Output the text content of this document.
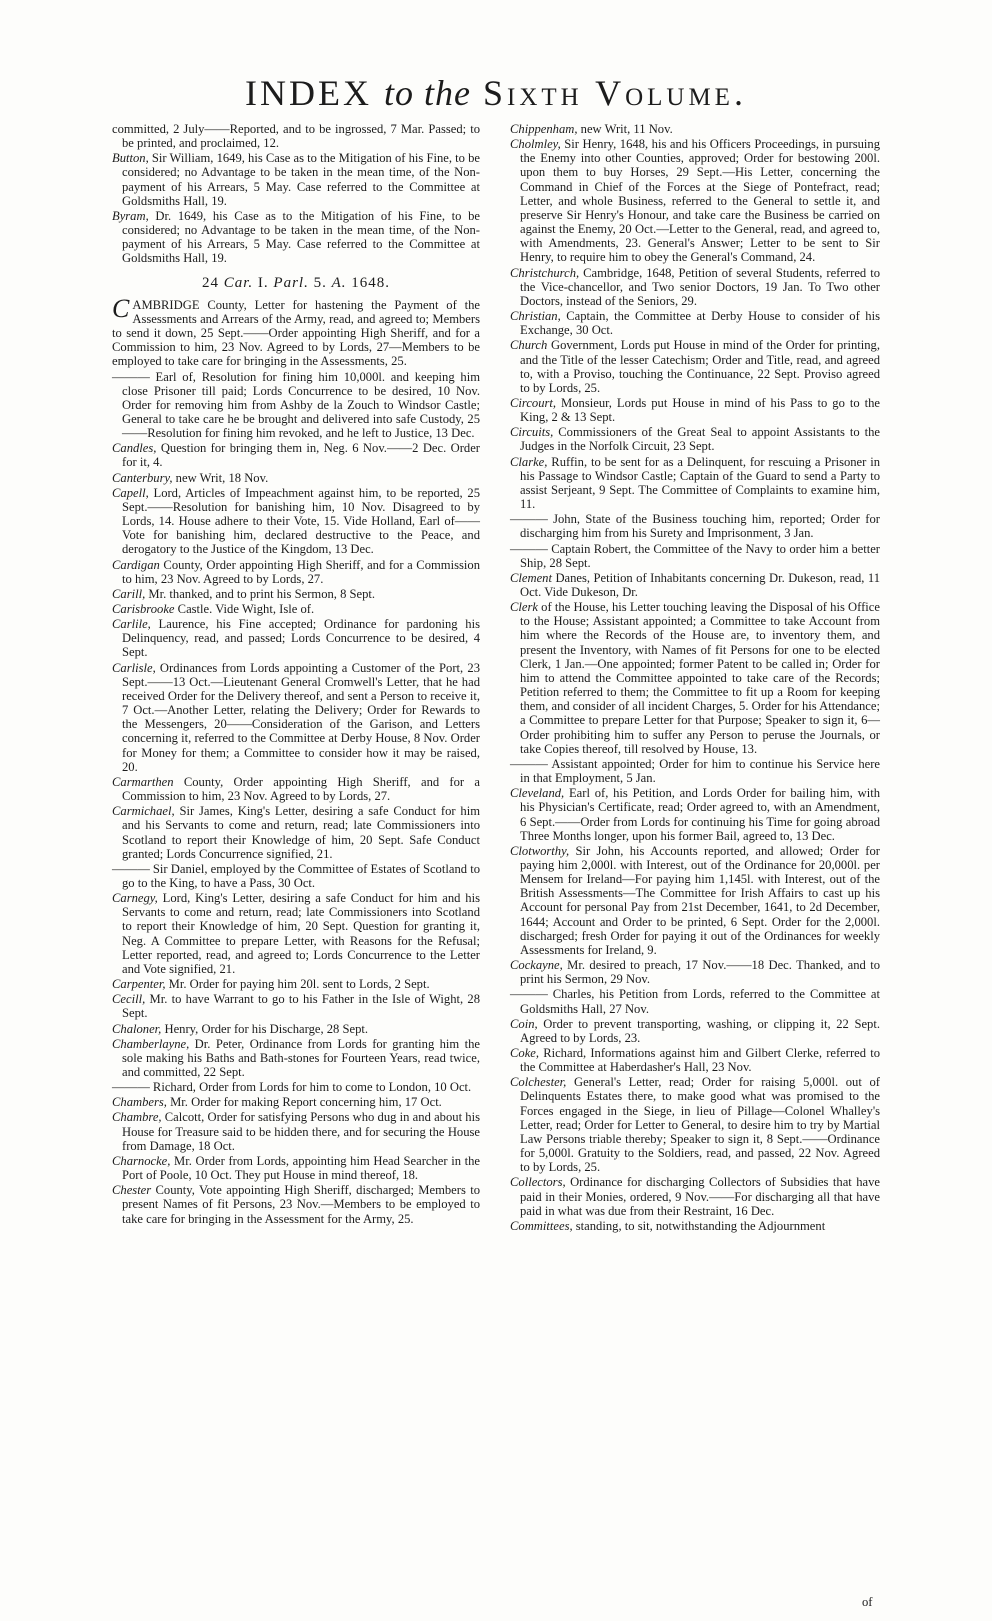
INDEX to the Sixth Volume.
committed, 2 July——Reported, and to be ingrossed, 7 Mar. Passed; to be printed, and proclaimed, 12.
Button, Sir William, 1649, his Case as to the Mitigation of his Fine, to be considered; no Advantage to be taken in the mean time, of the Non-payment of his Arrears, 5 May. Case referred to the Committee at Goldsmiths Hall, 19.
Byram, Dr. 1649, his Case as to the Mitigation of his Fine, to be considered; no Advantage to be taken in the mean time, of the Non-payment of his Arrears, 5 May. Case referred to the Committee at Goldsmiths Hall, 19.
24 Car. I. Parl. 5. A. 1648.
CAMBRIDGE County, Letter for hastening the Payment of the Assessments and Arrears of the Army, read, and agreed to; Members to send it down, 25 Sept.——Order appointing High Sheriff, and for a Commission to him, 23 Nov. Agreed to by Lords, 27—Members to be employed to take care for bringing in the Assessments, 25.
——— Earl of, Resolution for fining him 10,000l. and keeping him close Prisoner till paid; Lords Concurrence to be desired, 10 Nov. Order for removing him from Ashby de la Zouch to Windsor Castle; General to take care he be brought and delivered into safe Custody, 25——Resolution for fining him revoked, and he left to Justice, 13 Dec.
Candles, Question for bringing them in, Neg. 6 Nov.——2 Dec. Order for it, 4.
Canterbury, new Writ, 18 Nov.
Capell, Lord, Articles of Impeachment against him, to be reported, 25 Sept.——Resolution for banishing him, 10 Nov. Disagreed to by Lords, 14. House adhere to their Vote, 15. Vide Holland, Earl of——Vote for banishing him, declared destructive to the Peace, and derogatory to the Justice of the Kingdom, 13 Dec.
Cardigan County, Order appointing High Sheriff, and for a Commission to him, 23 Nov. Agreed to by Lords, 27.
Carill, Mr. thanked, and to print his Sermon, 8 Sept.
Carisbrooke Castle. Vide Wight, Isle of.
Carlile, Laurence, his Fine accepted; Ordinance for pardoning his Delinquency, read, and passed; Lords Concurrence to be desired, 4 Sept.
Carlisle, Ordinances from Lords appointing a Customer of the Port, 23 Sept.——13 Oct.—Lieutenant General Cromwell's Letter, that he had received Order for the Delivery thereof, and sent a Person to receive it, 7 Oct.—Another Letter, relating the Delivery; Order for Rewards to the Messengers, 20——Consideration of the Garison, and Letters concerning it, referred to the Committee at Derby House, 8 Nov. Order for Money for them; a Committee to consider how it may be raised, 20.
Carmarthen County, Order appointing High Sheriff, and for a Commission to him, 23 Nov. Agreed to by Lords, 27.
Carmichael, Sir James, King's Letter, desiring a safe Conduct for him and his Servants to come and return, read; late Commissioners into Scotland to report their Knowledge of him, 20 Sept. Safe Conduct granted; Lords Concurrence signified, 21.
——— Sir Daniel, employed by the Committee of Estates of Scotland to go to the King, to have a Pass, 30 Oct.
Carnegy, Lord, King's Letter, desiring a safe Conduct for him and his Servants to come and return, read; late Commissioners into Scotland to report their Knowledge of him, 20 Sept. Question for granting it, Neg. A Committee to prepare Letter, with Reasons for the Refusal; Letter reported, read, and agreed to; Lords Concurrence to the Letter and Vote signified, 21.
Carpenter, Mr. Order for paying him 20l. sent to Lords, 2 Sept.
Cecill, Mr. to have Warrant to go to his Father in the Isle of Wight, 28 Sept.
Chaloner, Henry, Order for his Discharge, 28 Sept.
Chamberlayne, Dr. Peter, Ordinance from Lords for granting him the sole making his Baths and Bath-stones for Fourteen Years, read twice, and committed, 22 Sept.
——— Richard, Order from Lords for him to come to London, 10 Oct.
Chambers, Mr. Order for making Report concerning him, 17 Oct.
Chambre, Calcott, Order for satisfying Persons who dug in and about his House for Treasure said to be hidden there, and for securing the House from Damage, 18 Oct.
Charnocke, Mr. Order from Lords, appointing him Head Searcher in the Port of Poole, 10 Oct. They put House in mind thereof, 18.
Chester County, Vote appointing High Sheriff, discharged; Members to present Names of fit Persons, 23 Nov.—Members to be employed to take care for bringing in the Assessment for the Army, 25.
Chippenham, new Writ, 11 Nov.
Cholmley, Sir Henry, 1648, his and his Officers Proceedings, in pursuing the Enemy into other Counties, approved; Order for bestowing 200l. upon them to buy Horses, 29 Sept.—His Letter, concerning the Command in Chief of the Forces at the Siege of Pontefract, read; Letter, and whole Business, referred to the General to settle it, and preserve Sir Henry's Honour, and take care the Business be carried on against the Enemy, 20 Oct.—Letter to the General, read, and agreed to, with Amendments, 23. General's Answer; Letter to be sent to Sir Henry, to require him to obey the General's Command, 24.
Christchurch, Cambridge, 1648, Petition of several Students, referred to the Vice-chancellor, and Two senior Doctors, 19 Jan. To Two other Doctors, instead of the Seniors, 29.
Christian, Captain, the Committee at Derby House to consider of his Exchange, 30 Oct.
Church Government, Lords put House in mind of the Order for printing, and the Title of the lesser Catechism; Order and Title, read, and agreed to, with a Proviso, touching the Continuance, 22 Sept. Proviso agreed to by Lords, 25.
Circourt, Monsieur, Lords put House in mind of his Pass to go to the King, 2 & 13 Sept.
Circuits, Commissioners of the Great Seal to appoint Assistants to the Judges in the Norfolk Circuit, 23 Sept.
Clarke, Ruffin, to be sent for as a Delinquent, for rescuing a Prisoner in his Passage to Windsor Castle; Captain of the Guard to send a Party to assist Serjeant, 9 Sept. The Committee of Complaints to examine him, 11.
——— John, State of the Business touching him, reported; Order for discharging him from his Surety and Imprisonment, 3 Jan.
——— Captain Robert, the Committee of the Navy to order him a better Ship, 28 Sept.
Clement Danes, Petition of Inhabitants concerning Dr. Dukeson, read, 11 Oct. Vide Dukeson, Dr.
Clerk of the House, his Letter touching leaving the Disposal of his Office to the House; Assistant appointed; a Committee to take Account from him where the Records of the House are, to inventory them, and present the Inventory, with Names of fit Persons for one to be elected Clerk, 1 Jan.—One appointed; former Patent to be called in; Order for him to attend the Committee appointed to take care of the Records; Petition referred to them; the Committee to fit up a Room for keeping them, and consider of all incident Charges, 5. Order for his Attendance; a Committee to prepare Letter for that Purpose; Speaker to sign it, 6—Order prohibiting him to suffer any Person to peruse the Journals, or take Copies thereof, till resolved by House, 13.
——— Assistant appointed; Order for him to continue his Service here in that Employment, 5 Jan.
Cleveland, Earl of, his Petition, and Lords Order for bailing him, with his Physician's Certificate, read; Order agreed to, with an Amendment, 6 Sept.——Order from Lords for continuing his Time for going abroad Three Months longer, upon his former Bail, agreed to, 13 Dec.
Clotworthy, Sir John, his Accounts reported, and allowed; Order for paying him 2,000l. with Interest, out of the Ordinance for 20,000l. per Mensem for Ireland—For paying him 1,145l. with Interest, out of the British Assessments—The Committee for Irish Affairs to cast up his Account for personal Pay from 21st December, 1641, to 2d December, 1644; Account and Order to be printed, 6 Sept. Order for the 2,000l. discharged; fresh Order for paying it out of the Ordinances for weekly Assessments for Ireland, 9.
Cockayne, Mr. desired to preach, 17 Nov.——18 Dec. Thanked, and to print his Sermon, 29 Nov.
——— Charles, his Petition from Lords, referred to the Committee at Goldsmiths Hall, 27 Nov.
Coin, Order to prevent transporting, washing, or clipping it, 22 Sept. Agreed to by Lords, 23.
Coke, Richard, Informations against him and Gilbert Clerke, referred to the Committee at Haberdasher's Hall, 23 Nov.
Colchester, General's Letter, read; Order for raising 5,000l. out of Delinquents Estates there, to make good what was promised to the Forces engaged in the Siege, in lieu of Pillage—Colonel Whalley's Letter, read; Order for Letter to General, to desire him to try by Martial Law Persons triable thereby; Speaker to sign it, 8 Sept.——Ordinance for 5,000l. Gratuity to the Soldiers, read, and passed, 22 Nov. Agreed to by Lords, 25.
Collectors, Ordinance for discharging Collectors of Subsidies that have paid in their Monies, ordered, 9 Nov.——For discharging all that have paid in what was due from their Restraint, 16 Dec.
Committees, standing, to sit, notwithstanding the Adjournment
of
